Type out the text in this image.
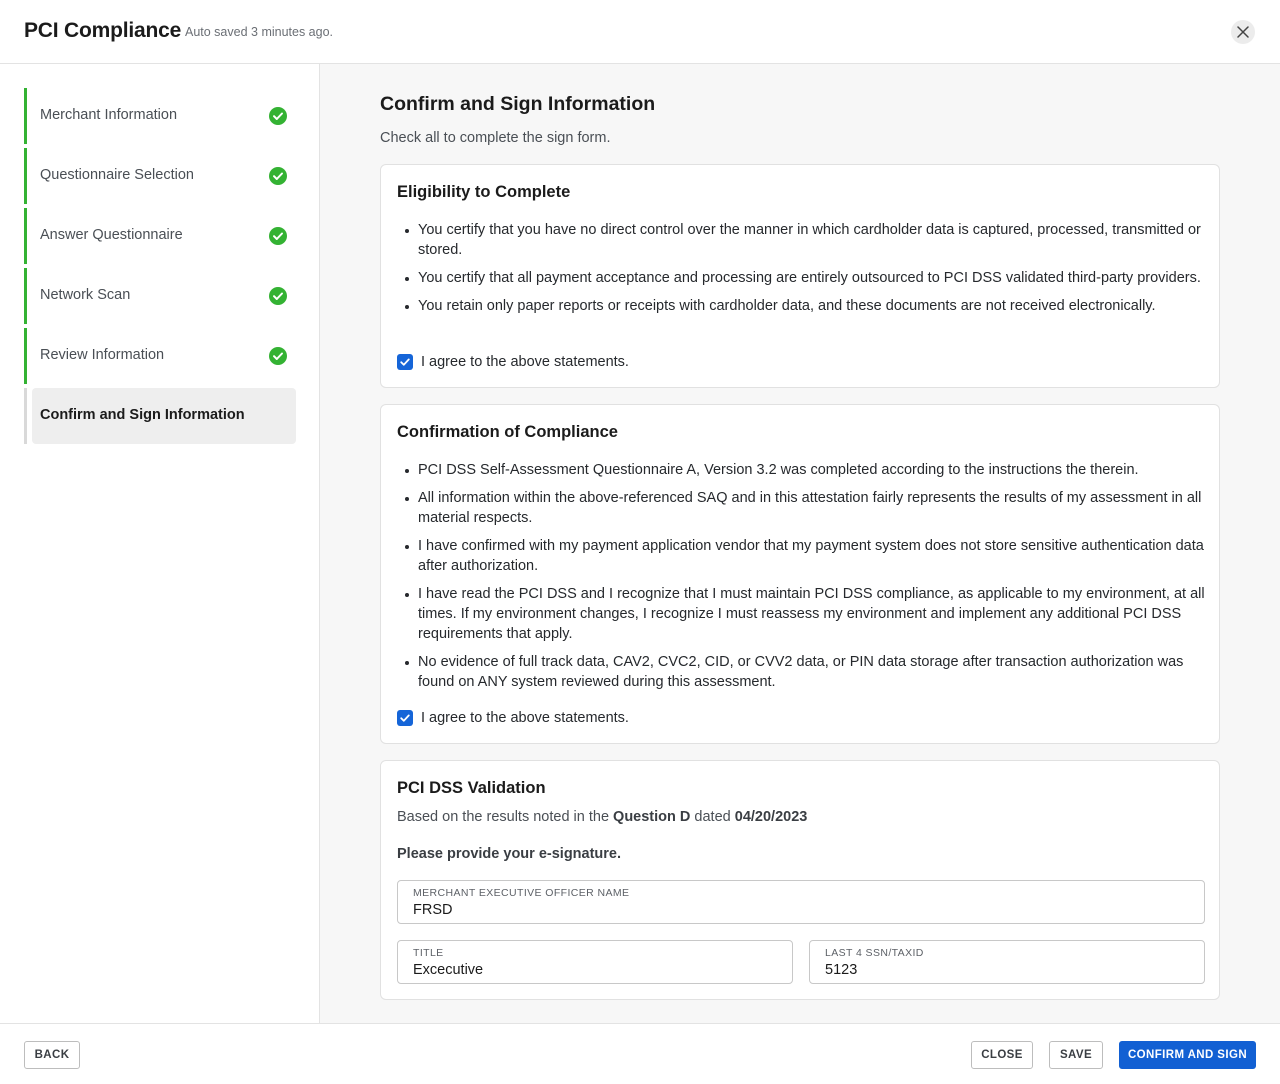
PCI Compliance Auto saved 3 minutes ago.
Merchant Information
Questionnaire Selection
Answer Questionnaire
Network Scan
Review Information
Confirm and Sign Information
Confirm and Sign Information
Check all to complete the sign form.
Eligibility to Complete
You certify that you have no direct control over the manner in which cardholder data is captured, processed, transmitted or stored.
You certify that all payment acceptance and processing are entirely outsourced to PCI DSS validated third-party providers.
You retain only paper reports or receipts with cardholder data, and these documents are not received electronically.
I agree to the above statements.
Confirmation of Compliance
PCI DSS Self-Assessment Questionnaire A, Version 3.2 was completed according to the instructions the therein.
All information within the above-referenced SAQ and in this attestation fairly represents the results of my assessment in all material respects.
I have confirmed with my payment application vendor that my payment system does not store sensitive authentication data after authorization.
I have read the PCI DSS and I recognize that I must maintain PCI DSS compliance, as applicable to my environment, at all times. If my environment changes, I recognize I must reassess my environment and implement any additional PCI DSS requirements that apply.
No evidence of full track data, CAV2, CVC2, CID, or CVV2 data, or PIN data storage after transaction authorization was found on ANY system reviewed during this assessment.
I agree to the above statements.
PCI DSS Validation
Based on the results noted in the Question D dated 04/20/2023
Please provide your e-signature.
MERCHANT EXECUTIVE OFFICER NAME
FRSD
TITLE
Excecutive	LAST 4 SSN/TAXID
5123
BACK	CLOSE	SAVE	CONFIRM AND SIGN
